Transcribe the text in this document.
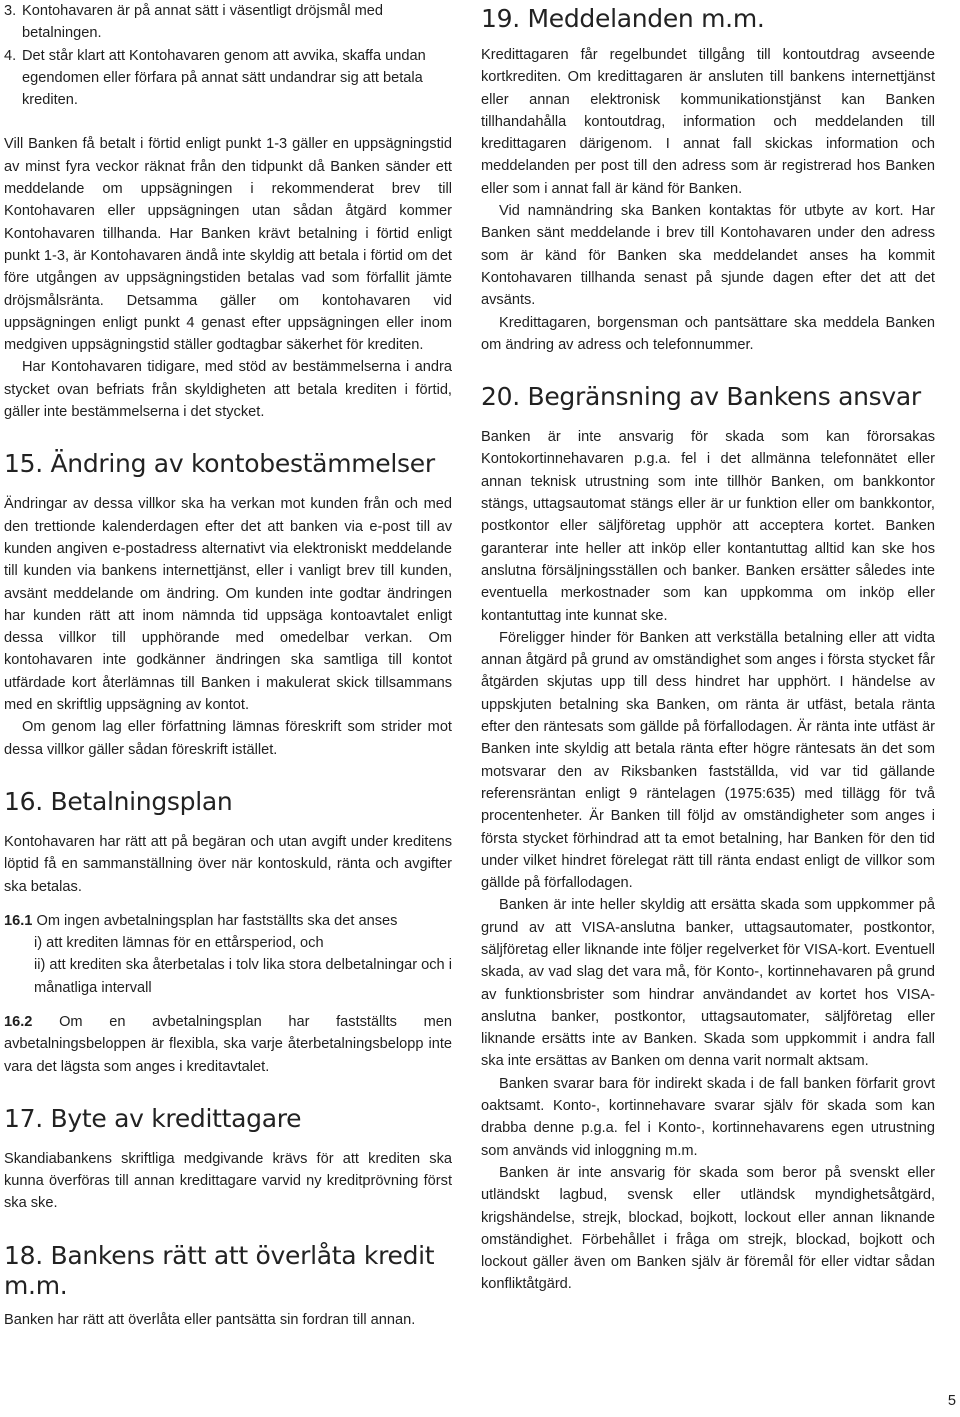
3. Kontohavaren är på annat sätt i väsentligt dröjsmål med betalningen.
4. Det står klart att Kontohavaren genom att avvika, skaffa undan egendomen eller förfara på annat sätt undandrar sig att betala krediten.

Vill Banken få betalt i förtid enligt punkt 1-3 gäller en uppsägningstid av minst fyra veckor räknat från den tidpunkt då Banken sänder ett meddelande om uppsägningen i rekommenderat brev till Kontohavaren eller uppsägningen utan sådan åtgärd kommer Kontohavaren tillhanda. Har Banken krävt betalning i förtid enligt punkt 1-3, är Kontohavaren ändå inte skyldig att betala i förtid om det före utgången av uppsägningstiden betalas vad som förfallit jämte dröjsmålsränta. Detsamma gäller om kontohavaren vid uppsägningen enligt punkt 4 genast efter uppsägningen eller inom medgiven uppsägningstid ställer godtagbar säkerhet för krediten.

Har Kontohavaren tidigare, med stöd av bestämmelserna i andra stycket ovan befriats från skyldigheten att betala krediten i förtid, gäller inte bestämmelserna i det stycket.

15. Ändring av kontobestämmelser

Ändringar av dessa villkor ska ha verkan mot kunden från och med den trettionde kalenderdagen efter det att banken via e-post till av kunden angiven e-postadress alternativt via elektroniskt meddelande till kunden via bankens internettjänst, eller i vanligt brev till kunden, avsänt meddelande om ändring. Om kunden inte godtar ändringen har kunden rätt att inom nämnda tid uppsäga kontoavtalet enligt dessa villkor till upphörande med omedelbar verkan. Om kontohavaren inte godkänner ändringen ska samtliga till kontot utfärdade kort återlämnas till Banken i makulerat skick tillsammans med en skriftlig uppsägning av kontot.

Om genom lag eller författning lämnas föreskrift som strider mot dessa villkor gäller sådan föreskrift istället.

16. Betalningsplan

Kontohavaren har rätt att på begäran och utan avgift under kreditens löptid få en sammanställning över när kontoskuld, ränta och avgifter ska betalas.

16.1 Om ingen avbetalningsplan har fastställts ska det anses

i) att krediten lämnas för en ettårsperiod, och

ii) att krediten ska återbetalas i tolv lika stora delbetalningar och i månatliga intervall

16.2 Om en avbetalningsplan har fastställts men avbetalningsbeloppen är flexibla, ska varje återbetalningsbelopp inte vara det lägsta som anges i kreditavtalet.

17. Byte av kredittagare

Skandiabankens skriftliga medgivande krävs för att krediten ska kunna överföras till annan kredittagare varvid ny kreditprövning först ska ske.

18. Bankens rätt att överlåta kredit m.m.

Banken har rätt att överlåta eller pantsätta sin fordran till annan.

19. Meddelanden m.m.

Kredittagaren får regelbundet tillgång till kontoutdrag avseende kortkrediten. Om kredittagaren är ansluten till bankens internettjänst eller annan elektronisk kommunikationstjänst kan Banken tillhandahålla kontoutdrag, information och meddelanden till kredittagaren därigenom. I annat fall skickas information och meddelanden per post till den adress som är registrerad hos Banken eller som i annat fall är känd för Banken.

Vid namnändring ska Banken kontaktas för utbyte av kort. Har Banken sänt meddelande i brev till Kontohavaren under den adress som är känd för Banken ska meddelandet anses ha kommit Kontohavaren tillhanda senast på sjunde dagen efter det att det avsänts.

Kredittagaren, borgensman och pantsättare ska meddela Banken om ändring av adress och telefonnummer.

20. Begränsning av Bankens ansvar

Banken är inte ansvarig för skada som kan förorsakas Kontokortinnehavaren p.g.a. fel i det allmänna telefonnätet eller annan teknisk utrustning som inte tillhör Banken, om bankkontor stängs, uttagsautomat stängs eller är ur funktion eller om bankkontor, postkontor eller säljföretag upphör att acceptera kortet. Banken garanterar inte heller att inköp eller kontantuttag alltid kan ske hos anslutna försäljningsställen och banker. Banken ersätter således inte eventuella merkostnader som kan uppkomma om inköp eller kontantuttag inte kunnat ske.

Föreligger hinder för Banken att verkställa betalning eller att vidta annan åtgärd på grund av omständighet som anges i första stycket får åtgärden skjutas upp till dess hindret har upphört. I händelse av uppskjuten betalning ska Banken, om ränta är utfäst, betala ränta efter den räntesats som gällde på förfallodagen. Är ränta inte utfäst är Banken inte skyldig att betala ränta efter högre räntesats än det som motsvarar den av Riksbanken fastställda, vid var tid gällande referensräntan enligt 9 räntelagen (1975:635) med tillägg för två procentenheter. Är Banken till följd av omständigheter som anges i första stycket förhindrad att ta emot betalning, har Banken för den tid under vilket hindret förelegat rätt till ränta endast enligt de villkor som gällde på förfallodagen.

Banken är inte heller skyldig att ersätta skada som uppkommer på grund av att VISA-anslutna banker, uttagsautomater, postkontor, säljföretag eller liknande inte följer regelverket för VISA-kort. Eventuell skada, av vad slag det vara må, för Konto-, kortinnehavaren på grund av funktionsbrister som hindrar användandet av kortet hos VISA-anslutna banker, postkontor, uttagsautomater, säljföretag eller liknande ersätts inte av Banken. Skada som uppkommit i andra fall ska inte ersättas av Banken om denna varit normalt aktsam.

Banken svarar bara för indirekt skada i de fall banken förfarit grovt oaktsamt. Konto-, kortinnehavare svarar själv för skada som kan drabba denne p.g.a. fel i Konto-, kortinnehavarens egen utrustning som används vid inloggning m.m.

Banken är inte ansvarig för skada som beror på svenskt eller utländskt lagbud, svensk eller utländsk myndighetsåtgärd, krigshändelse, strejk, blockad, bojkott, lockout eller annan liknande omständighet. Förbehållet i fråga om strejk, blockad, bojkott och lockout gäller även om Banken själv är föremål för eller vidtar sådan konfliktåtgärd.

5
